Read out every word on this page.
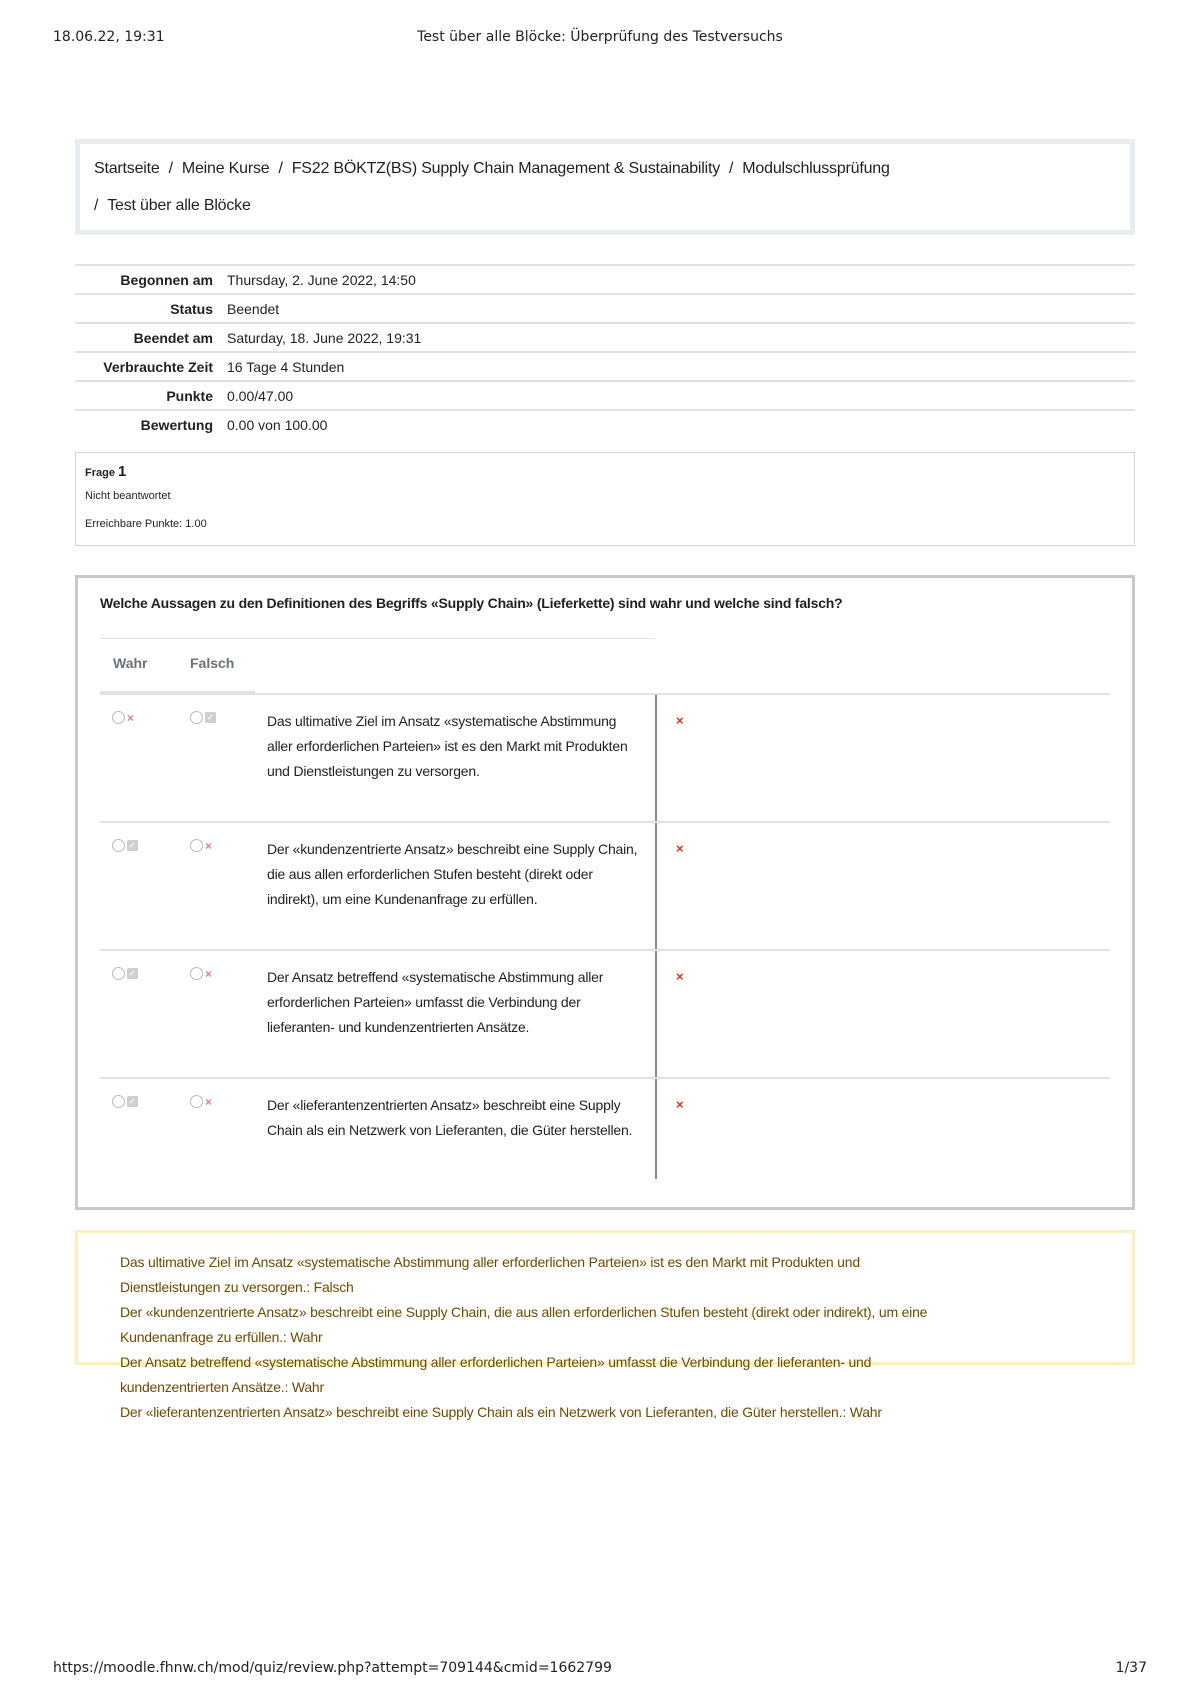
18.06.22, 19:31	Test über alle Blöcke: Überprüfung des Testversuchs
Startseite / Meine Kurse / FS22 BÖKTZ(BS) Supply Chain Management & Sustainability / Modulschlussprüfung
/ Test über alle Blöcke
Begonnen am	Thursday, 2. June 2022, 14:50
Status	Beendet
Beendet am	Saturday, 18. June 2022, 19:31
Verbrauchte Zeit	16 Tage 4 Stunden
Punkte	0.00/47.00
Bewertung	0.00 von 100.00
Frage 1
Nicht beantwortet
Erreichbare Punkte: 1.00
Welche Aussagen zu den Definitionen des Begriffs «Supply Chain» (Lieferkette) sind wahr und welche sind falsch?
Wahr	Falsch
×	✓	Das ultimative Ziel im Ansatz «systematische Abstimmung aller erforderlichen Parteien» ist es den Markt mit Produkten und Dienstleistungen zu versorgen.
×
✓	×	Der «kundenzentrierte Ansatz» beschreibt eine Supply Chain, die aus allen erforderlichen Stufen besteht (direkt oder indirekt), um eine Kundenanfrage zu erfüllen.
×
✓	×	Der Ansatz betreffend «systematische Abstimmung aller erforderlichen Parteien» umfasst die Verbindung der lieferanten- und kundenzentrierten Ansätze.
×
✓	×	Der «lieferantenzentrierten Ansatz» beschreibt eine Supply Chain als ein Netzwerk von Lieferanten, die Güter herstellen.
×
Das ultimative Ziel im Ansatz «systematische Abstimmung aller erforderlichen Parteien» ist es den Markt mit Produkten und
Dienstleistungen zu versorgen.: Falsch
Der «kundenzentrierte Ansatz» beschreibt eine Supply Chain, die aus allen erforderlichen Stufen besteht (direkt oder indirekt), um eine
Kundenanfrage zu erfüllen.: Wahr
Der Ansatz betreffend «systematische Abstimmung aller erforderlichen Parteien» umfasst die Verbindung der lieferanten- und
kundenzentrierten Ansätze.: Wahr
Der «lieferantenzentrierten Ansatz» beschreibt eine Supply Chain als ein Netzwerk von Lieferanten, die Güter herstellen.: Wahr
https://moodle.fhnw.ch/mod/quiz/review.php?attempt=709144&cmid=1662799	1/37
